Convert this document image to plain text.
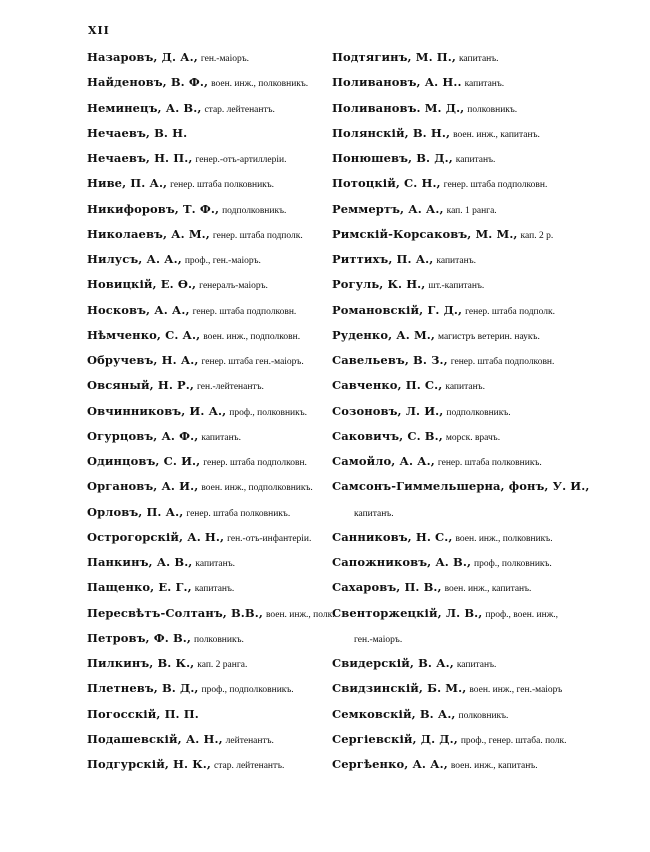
XII
Назаровъ, Д. А., ген.-маіоръ.
Найденовъ, В. Ф., воен. инж., полковникъ.
Неминецъ, А. В., стар. лейтенантъ.
Нечаевъ, В. Н.
Нечаевъ, Н. П., генер.-отъ-артиллеріи.
Ниве, П. А., генер. штаба полковникъ.
Никифоровъ, Т. Ф., подполковникъ.
Николаевъ, А. М., генер. штаба подполк.
Нилусъ, А. А., проф., ген.-маіоръ.
Новицкій, Е. Ѳ., генералъ-маіоръ.
Носковъ, А. А., генер. штаба подполковн.
Нѣмченко, С. А., воен. инж., подполковн.
Обручевъ, Н. А., генер. штаба ген.-маіоръ.
Овсяный, Н. Р., ген.-лейтенантъ.
Овчинниковъ, И. А., проф., полковникъ.
Огурцовъ, А. Ф., капитанъ.
Одинцовъ, С. И., генер. штаба подполковн.
Органовъ, А. И., воен. инж., подполковникъ.
Орловъ, П. А., генер. штаба полковникъ.
Острогорскій, А. Н., ген.-отъ-инфантеріи.
Панкинъ, А. В., капитанъ.
Пащенко, Е. Г., капитанъ.
Пересвѣтъ-Солтанъ, В.В., воен. инж., полк.
Петровъ, Ф. В., полковникъ.
Пилкинъ, В. К., кап. 2 ранга.
Плетневъ, В. Д., проф., подполковникъ.
Погосскій, П. П.
Подашевскій, А. Н., лейтенантъ.
Подгурскій, Н. К., стар. лейтенантъ.
Подтягинъ, М. П., капитанъ.
Поливановъ, А. Н.. капитанъ.
Поливановъ. М. Д., полковникъ.
Полянскій, В. Н., воен. инж., капитанъ.
Понюшевъ, В. Д., капитанъ.
Потоцкій, С. Н., генер. штаба подполковн.
Реммертъ, А. А., кап. 1 ранга.
Римскій-Корсаковъ, М. М., кап. 2 р.
Риттихъ, П. А., капитанъ.
Рогуль, К. Н., шт.-капитанъ.
Романовскій, Г. Д., генер. штаба подполк.
Руденко, А. М., магистръ ветерин. наукъ.
Савельевъ, В. З., генер. штаба подполковн.
Савченко, П. С., капитанъ.
Созоновъ, Л. И., подполковникъ.
Саковичъ, С. В., морск. врачъ.
Самойло, А. А., генер. штаба полковникъ.
Самсонъ-Гиммельшерна, фонъ, У. И.,
капитанъ.
Санниковъ, Н. С., воен. инж., полковникъ.
Сапожниковъ, А. В., проф., полковникъ.
Сахаровъ, П. В., воен. инж., капитанъ.
Свенторжецкій, Л. В., проф., воен. инж.,
ген.-маіоръ.
Свидерскій, В. А., капитанъ.
Свидзинскій, Б. М., воен. инж., ген.-маіоръ
Семковскій, В. А., полковникъ.
Сергіевскій, Д. Д., проф., генер. штаба. полк.
Сергѣенко, А. А., воен. инж., капитанъ.
